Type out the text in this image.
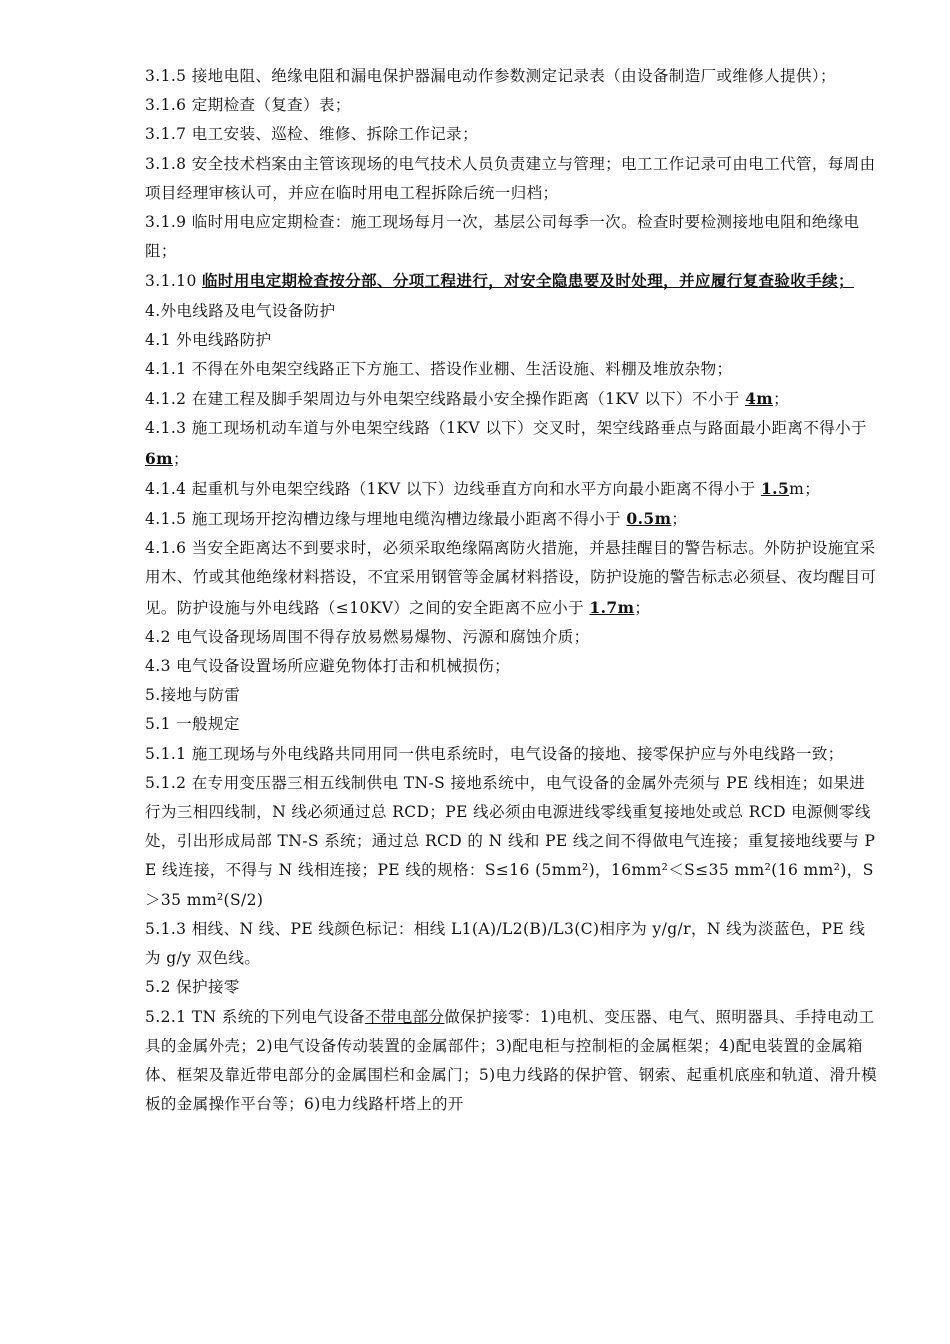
3.1.5 接地电阻、绝缘电阻和漏电保护器漏电动作参数测定记录表（由设备制造厂或维修人提供）；

3.1.6 定期检查（复查）表；

3.1.7 电工安装、巡检、维修、拆除工作记录；

3.1.8 安全技术档案由主管该现场的电气技术人员负责建立与管理；电工工作记录可由电工代管，每周由项目经理审核认可，并应在临时用电工程拆除后统一归档；

3.1.9 临时用电应定期检查：施工现场每月一次，基层公司每季一次。检查时要检测接地电阻和绝缘电阻；

3.1.10 临时用电定期检查按分部、分项工程进行，对安全隐患要及时处理，并应履行复查验收手续；

4.外电线路及电气设备防护

4.1 外电线路防护

4.1.1 不得在外电架空线路正下方施工、搭设作业棚、生活设施、料棚及堆放杂物；

4.1.2 在建工程及脚手架周边与外电架空线路最小安全操作距离（1KV 以下）不小于 4m；

4.1.3 施工现场机动车道与外电架空线路（1KV 以下）交叉时，架空线路垂点与路面最小距离不得小于 6m；

4.1.4 起重机与外电架空线路（1KV 以下）边线垂直方向和水平方向最小距离不得小于 1.5m；

4.1.5 施工现场开挖沟槽边缘与埋地电缆沟槽边缘最小距离不得小于 0.5m；

4.1.6 当安全距离达不到要求时，必须采取绝缘隔离防火措施，并悬挂醒目的警告标志。外防护设施宜采用木、竹或其他绝缘材料搭设，不宜采用钢管等金属材料搭设，防护设施的警告标志必须昼、夜均醒目可见。防护设施与外电线路（≤10KV）之间的安全距离不应小于 1.7m；

4.2 电气设备现场周围不得存放易燃易爆物、污源和腐蚀介质；

4.3 电气设备设置场所应避免物体打击和机械损伤；

5.接地与防雷

5.1 一般规定

5.1.1 施工现场与外电线路共同用同一供电系统时，电气设备的接地、接零保护应与外电线路一致；

5.1.2 在专用变压器三相五线制供电 TN-S 接地系统中，电气设备的金属外壳须与 PE 线相连；如果进行为三相四线制，N 线必须通过总 RCD；PE 线必须由电源进线零线重复接地处或总 RCD 电源侧零线处，引出形成局部 TN-S 系统；通过总 RCD 的 N 线和 PE 线之间不得做电气连接；重复接地线要与 PE 线连接，不得与 N 线相连接；PE 线的规格：S≤16 (5mm²)，16mm²＜S≤35 mm²(16 mm²)，S＞35 mm²(S/2)

5.1.3 相线、N 线、PE 线颜色标记：相线 L1(A)/L2(B)/L3(C)相序为 y/g/r，N 线为淡蓝色，PE 线为 g/y 双色线。

5.2 保护接零

5.2.1 TN 系统的下列电气设备不带电部分做保护接零：1)电机、变压器、电气、照明器具、手持电动工具的金属外壳；2)电气设备传动装置的金属部件；3)配电柜与控制柜的金属框架；4)配电装置的金属箱体、框架及靠近带电部分的金属围栏和金属门；5)电力线路的保护管、钢索、起重机底座和轨道、滑升模板的金属操作平台等；6)电力线路杆塔上的开
